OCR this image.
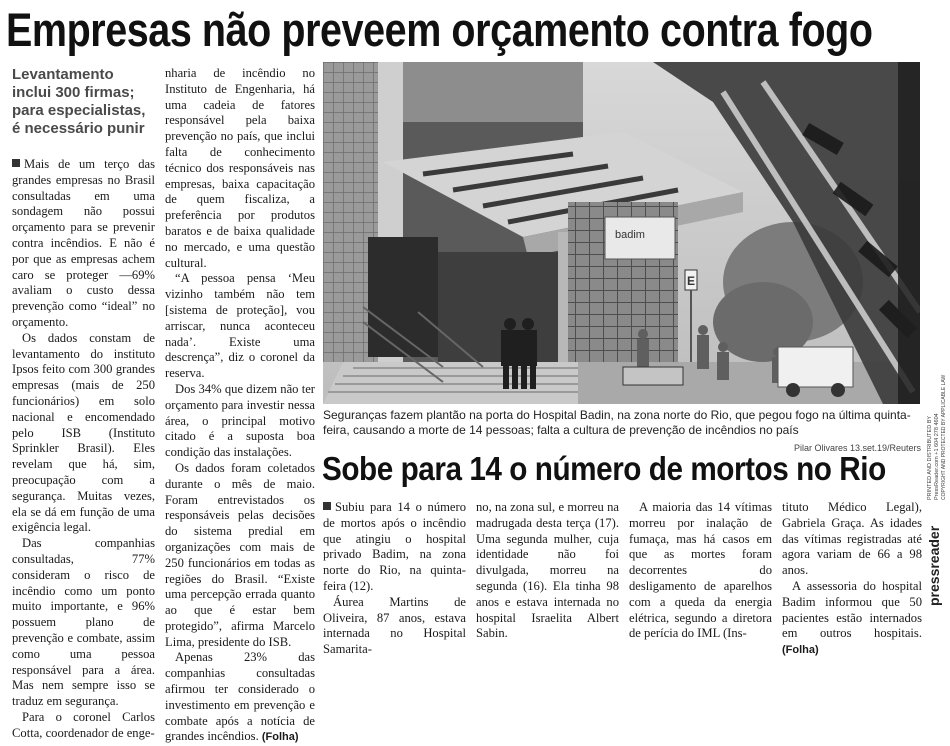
Empresas não preveem orçamento contra fogo
Levantamento inclui 300 firmas; para especialistas, é necessário punir

Mais de um terço das grandes empresas no Brasil consultadas em uma sondagem não possui orçamento para se prevenir contra incêndios. E não é por que as empresas achem caro se proteger —69% avaliam o custo dessa prevenção como “ideal” no orçamento.

Os dados constam de levantamento do instituto Ipsos feito com 300 grandes empresas (mais de 250 funcionários) em solo nacional e encomendado pelo ISB (Instituto Sprinkler Brasil). Eles revelam que há, sim, preocupação com a segurança. Muitas vezes, ela se dá em função de uma exigência legal.

Das companhias consultadas, 77% consideram o risco de incêndio como um ponto muito importante, e 96% possuem plano de prevenção e combate, assim como uma pessoa responsável para a área. Mas nem sempre isso se traduz em segurança.

Para o coronel Carlos Cotta, coordenador de enge-

nharia de incêndio no Instituto de Engenharia, há uma cadeia de fatores responsável pela baixa prevenção no país, que inclui falta de conhecimento técnico dos responsáveis nas empresas, baixa capacitação de quem fiscaliza, a preferência por produtos baratos e de baixa qualidade no mercado, e uma questão cultural.

“A pessoa pensa ‘Meu vizinho também não tem [sistema de proteção], vou arriscar, nunca aconteceu nada’. Existe uma descrença”, diz o coronel da reserva.

Dos 34% que dizem não ter orçamento para investir nessa área, o principal motivo citado é a suposta boa condição das instalações.

Os dados foram coletados durante o mês de maio. Foram entrevistados os responsáveis pelas decisões do sistema predial em organizações com mais de 250 funcionários em todas as regiões do Brasil. “Existe uma percepção errada quanto ao que é estar bem protegido”, afirma Marcelo Lima, presidente do ISB.

Apenas 23% das companhias consultadas afirmou ter considerado o investimento em prevenção e combate após a notícia de grandes incêndios. (Folha)

badim
E
Seguranças fazem plantão na porta do Hospital Badin, na zona norte do Rio, que pegou fogo na última quinta-feira, causando a morte de 14 pessoas; falta a cultura de prevenção de incêndios no país
Pilar Olivares 13.set.19/Reuters
Sobe para 14 o número de mortos no Rio

Subiu para 14 o número de mortos após o incêndio que atingiu o hospital privado Badim, na zona norte do Rio, na quinta-feira (12).

Áurea Martins de Oliveira, 87 anos, estava internada no Hospital Samarita-

no, na zona sul, e morreu na madrugada desta terça (17). Uma segunda mulher, cuja identidade não foi divulgada, morreu na segunda (16). Ela tinha 98 anos e estava internada no hospital Israelita Albert Sabin.

A maioria das 14 vítimas morreu por inalação de fumaça, mas há casos em que as mortes foram decorrentes do desligamento de aparelhos com a queda da energia elétrica, segundo a diretora de perícia do IML (Ins-

tituto Médico Legal), Gabriela Graça. As idades das vítimas registradas até agora variam de 66 a 98 anos.

A assessoria do hospital Badim informou que 50 pacientes estão internados em outros hospitais. (Folha)

pressreader
PRINTED AND DISTRIBUTED BY PressReader.com +1 604 278 4604 COPYRIGHT AND PROTECTED BY APPLICABLE LAW
